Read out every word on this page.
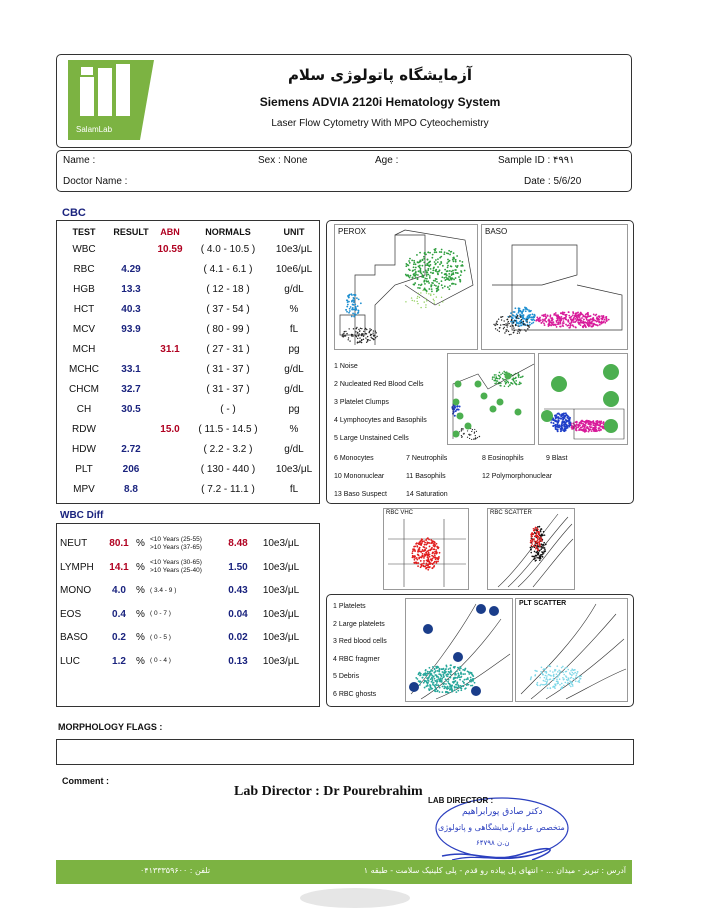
SalamLab
آزمایشگاه پاتولوژی سلام
Siemens ADVIA 2120i Hematology System
Laser Flow Cytometry With MPO Cyteochemistry
Name :	Sex : None	Age :	Sample ID : ۴۹۹۱
Doctor Name :	Date : 5/6/20
CBC
TEST	RESULT	ABN	NORMALS	UNIT
WBC		10.59	( 4.0 - 10.5 )	10e3/μL
RBC	4.29		( 4.1 - 6.1 )	10e6/μL
HGB	13.3		( 12 - 18 )	g/dL
HCT	40.3		( 37 - 54 )	%
MCV	93.9		( 80 - 99 )	fL
MCH		31.1	( 27 - 31 )	pg
MCHC	33.1		( 31 - 37 )	g/dL
CHCM	32.7		( 31 - 37 )	g/dL
CH	30.5		( - )	pg
RDW		15.0	( 11.5 - 14.5 )	%
HDW	2.72		( 2.2 - 3.2 )	g/dL
PLT	206		( 130 - 440 )	10e3/μL
MPV	8.8		( 7.2 - 11.1 )	fL
WBC Diff
NEUT	80.1	%	<10 Years (25-55)
>10 Years (37-65)	8.48	10e3/μL
LYMPH	14.1	%	<10 Years (30-65)
>10 Years (25-40)	1.50	10e3/μL
MONO	4.0	%	( 3.4 - 9 )	0.43	10e3/μL
EOS	0.4	%	( 0 - 7 )	0.04	10e3/μL
BASO	0.2	%	( 0 - 5 )	0.02	10e3/μL
LUC	1.2	%	( 0 - 4 )	0.13	10e3/μL
PEROX	BASO
1 Noise
2 Nucleated Red Blood Cells
3 Platelet Clumps
4 Lymphocytes and Basophils
5 Large Unstained Cells
6 Monocytes	7 Neutrophils	8 Eosinophils	9 Blast
10 Mononuclear	11 Basophils	12 Polymorphonuclear
13 Baso Suspect	14 Saturation
RBC VHC	RBC SCATTER
1 Platelets
2 Large platelets
3 Red blood cells
4 RBC fragmer
5 Debris
6 RBC ghosts
PLT SCATTER
MORPHOLOGY FLAGS :
Comment :
Lab Director : Dr Pourebrahim
LAB DIRECTOR :
دکتر صادق پورابراهیم
متخصص علوم آزمایشگاهی و پاتولوژی
ن.ن ۶۴۷۹۸
تلفن : ۰۴۱۳۳۳۵۹۶۰۰	آدرس : تبریز - میدان ... - انتهای پل پیاده رو قدم - پلی کلینیک سلامت - طبقه ۱
